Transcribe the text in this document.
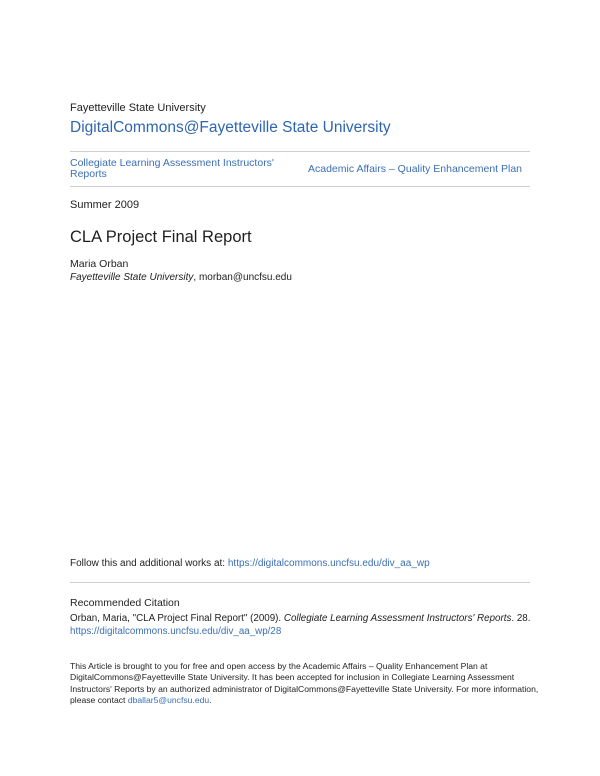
Fayetteville State University
DigitalCommons@Fayetteville State University
Collegiate Learning Assessment Instructors' Reports	Academic Affairs – Quality Enhancement Plan
Summer 2009
CLA Project Final Report
Maria Orban
Fayetteville State University, morban@uncfsu.edu
Follow this and additional works at: https://digitalcommons.uncfsu.edu/div_aa_wp
Recommended Citation
Orban, Maria, "CLA Project Final Report" (2009). Collegiate Learning Assessment Instructors' Reports. 28.
https://digitalcommons.uncfsu.edu/div_aa_wp/28
This Article is brought to you for free and open access by the Academic Affairs – Quality Enhancement Plan at DigitalCommons@Fayetteville State University. It has been accepted for inclusion in Collegiate Learning Assessment Instructors' Reports by an authorized administrator of DigitalCommons@Fayetteville State University. For more information, please contact dballar5@uncfsu.edu.
